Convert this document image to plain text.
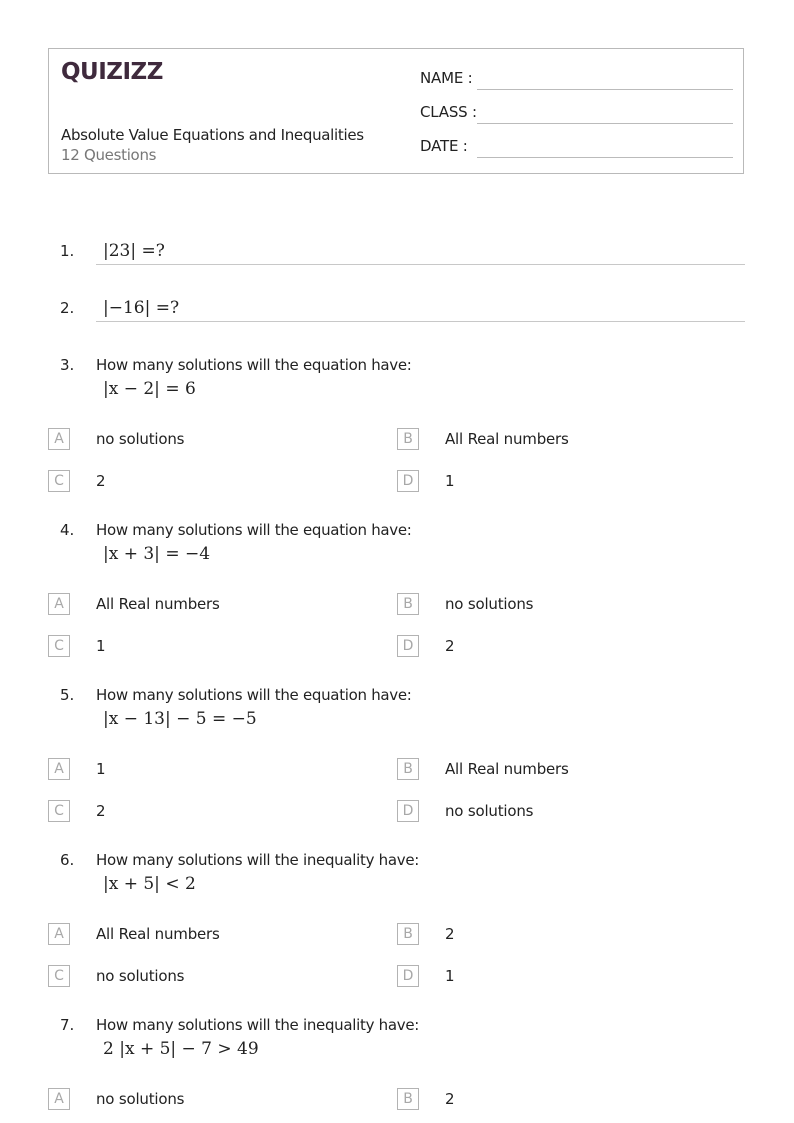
QUIZIZZ
Absolute Value Equations and Inequalities
12 Questions
NAME :
CLASS :
DATE :
1. |23| =?
2. |−16| =?
3. How many solutions will the equation have:
|x − 2| = 6
A	no solutions	B	All Real numbers
C	2	D	1
4. How many solutions will the equation have:
|x + 3| = −4
A	All Real numbers	B	no solutions
C	1	D	2
5. How many solutions will the equation have:
|x − 13| − 5 = −5
A	1	B	All Real numbers
C	2	D	no solutions
6. How many solutions will the inequality have:
|x + 5| < 2
A	All Real numbers	B	2
C	no solutions	D	1
7. How many solutions will the inequality have:
2 |x + 5| − 7 > 49
A	no solutions	B	2
